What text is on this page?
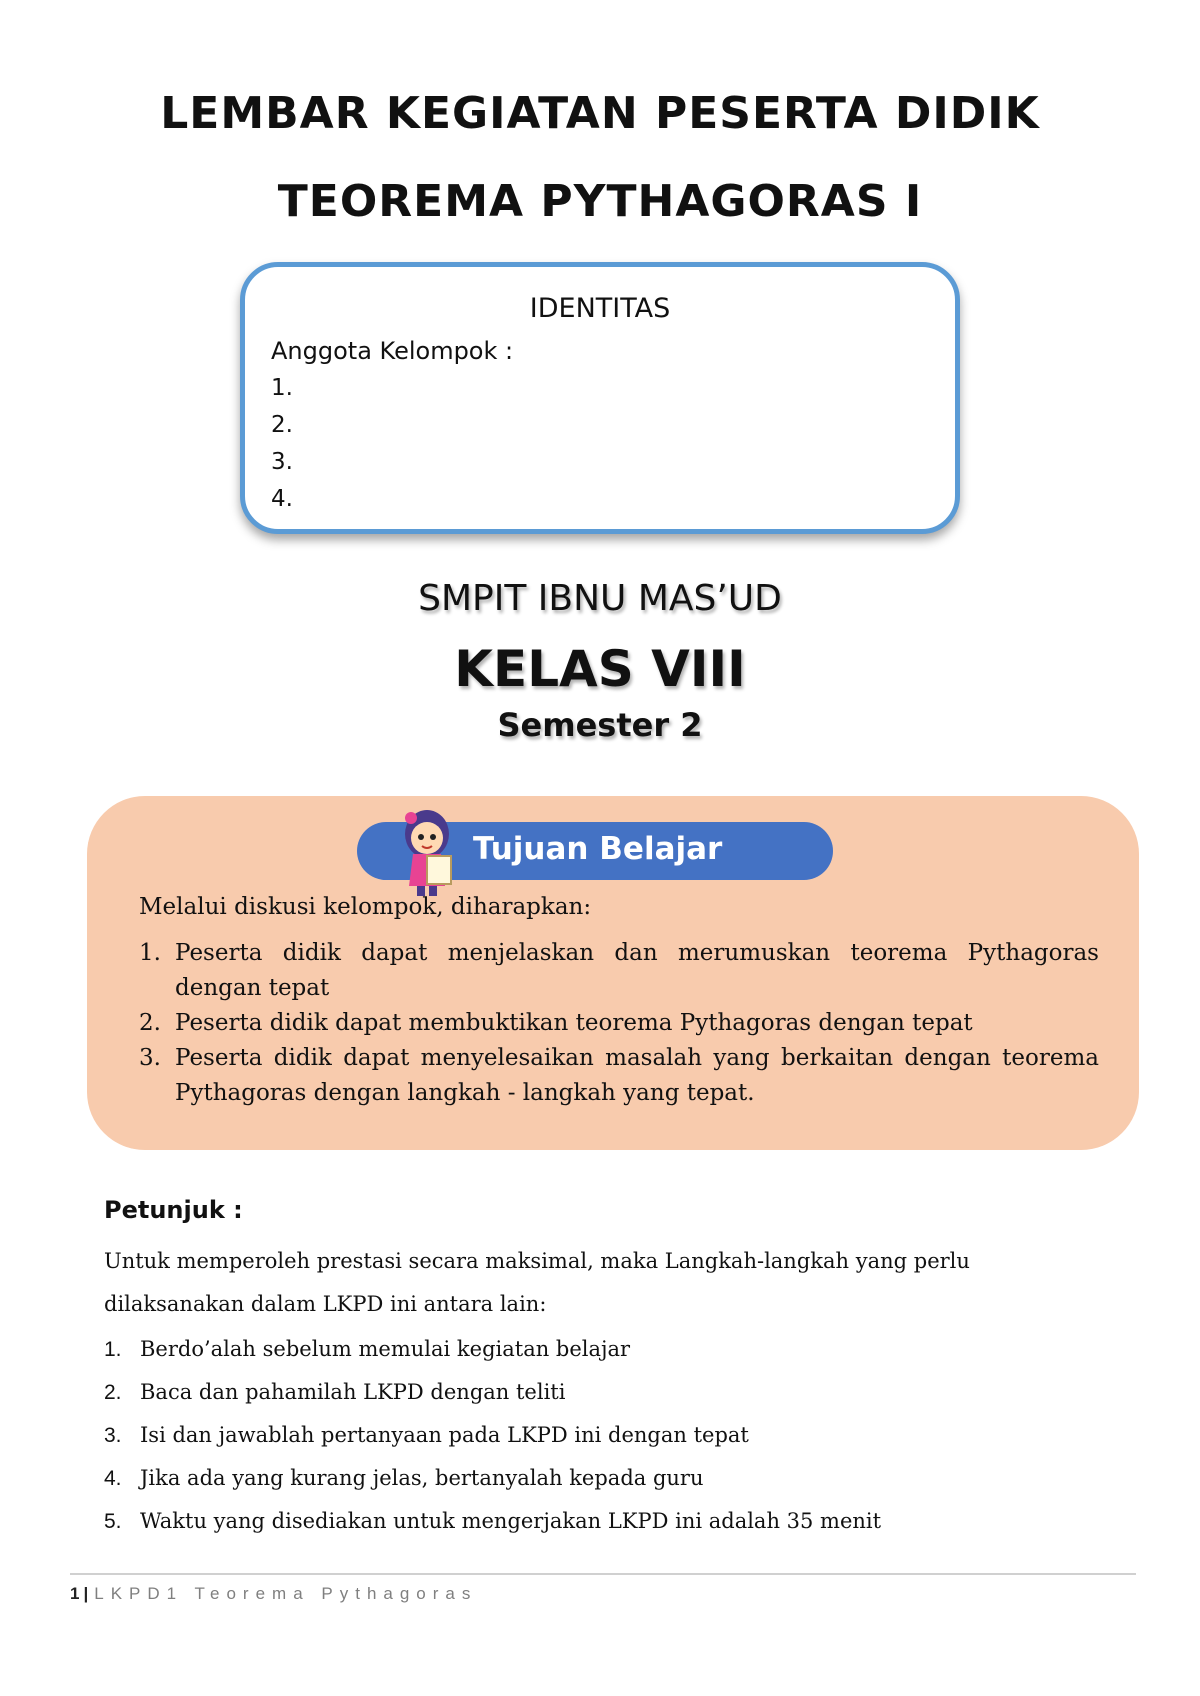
LEMBAR KEGIATAN PESERTA DIDIK
TEOREMA PYTHAGORAS I
IDENTITAS
Anggota Kelompok :
1.
2.
3.
4.
SMPIT IBNU MAS’UD
KELAS VIII
Semester 2
Tujuan Belajar
Melalui diskusi kelompok, diharapkan:
1. Peserta didik dapat menjelaskan dan merumuskan teorema Pythagoras dengan tepat
2. Peserta didik dapat membuktikan teorema Pythagoras dengan tepat
3. Peserta didik dapat menyelesaikan masalah yang berkaitan dengan teorema Pythagoras dengan langkah - langkah yang tepat.
Petunjuk :
Untuk memperoleh prestasi secara maksimal, maka Langkah-langkah yang perlu dilaksanakan dalam LKPD ini antara lain:
1. Berdo’alah sebelum memulai kegiatan belajar
2. Baca dan pahamilah LKPD dengan teliti
3. Isi dan jawablah pertanyaan pada LKPD ini dengan tepat
4. Jika ada yang kurang jelas, bertanyalah kepada guru
5. Waktu yang disediakan untuk mengerjakan LKPD ini adalah 35 menit
1 | LKPD1 Teorema Pythagoras
